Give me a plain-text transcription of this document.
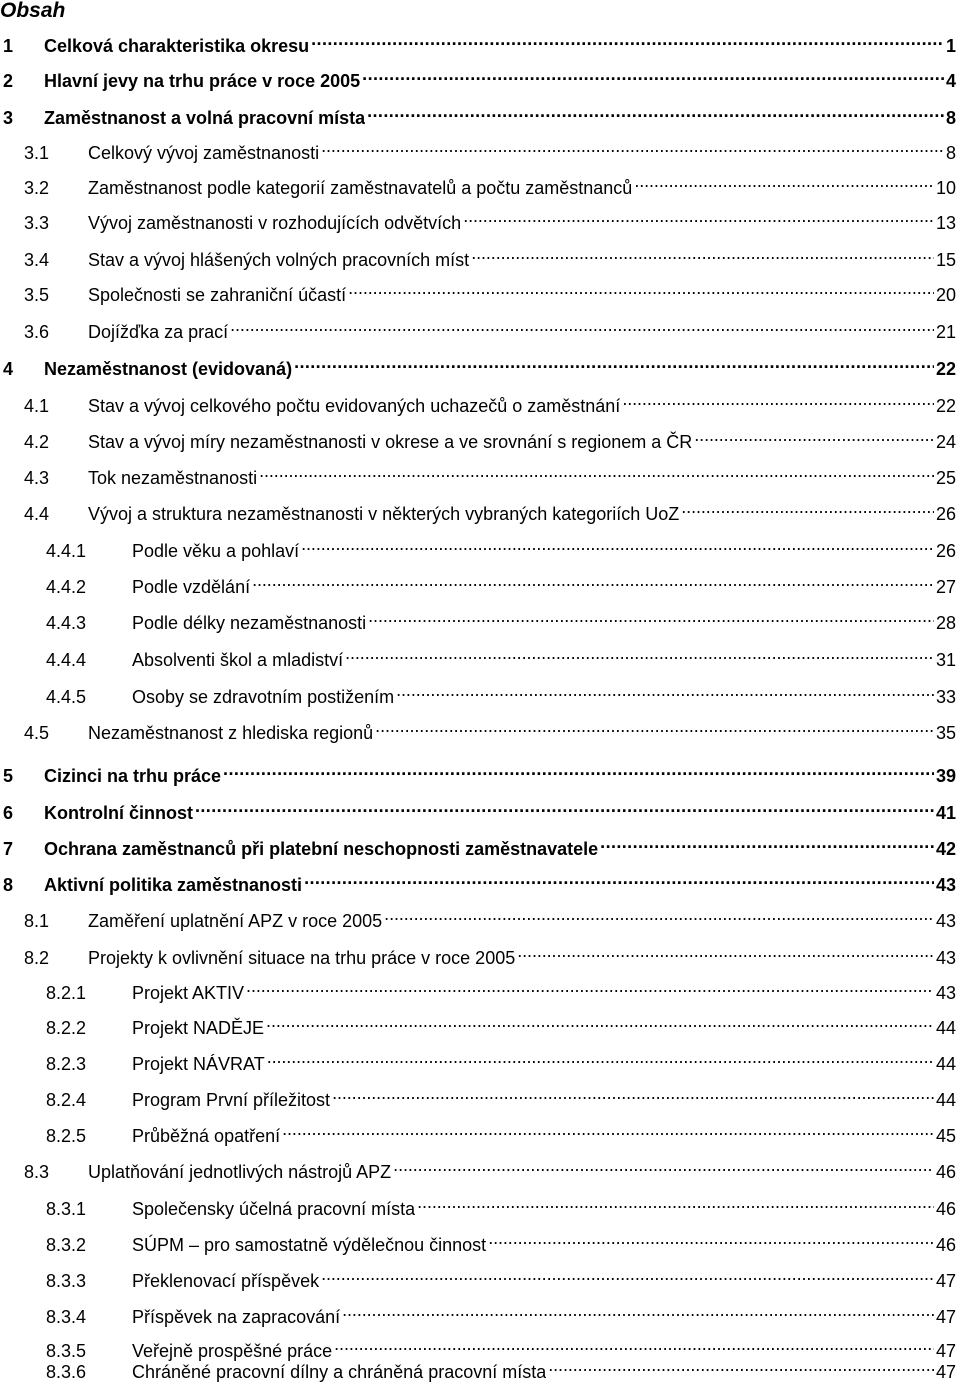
Obsah
1	Celková charakteristika okresu . . .	1
2	Hlavní jevy na trhu práce v roce 2005 . . .	4
3	Zaměstnanost a volná pracovní místa . . .	8
3.1	Celkový vývoj zaměstnanosti . . .	8
3.2	Zaměstnanost podle kategorií zaměstnavatelů a počtu zaměstnanců . . .	10
3.3	Vývoj zaměstnanosti v rozhodujících odvětvích . . .	13
3.4	Stav a vývoj hlášených volných pracovních míst . . .	15
3.5	Společnosti se zahraniční účastí . . .	20
3.6	Dojížďka za prací . . .	21
4	Nezaměstnanost (evidovaná) . . .	22
4.1	Stav a vývoj celkového počtu evidovaných uchazečů o zaměstnání . . .	22
4.2	Stav a vývoj míry nezaměstnanosti v okrese a ve srovnání s regionem a ČR . . .	24
4.3	Tok nezaměstnanosti . . .	25
4.4	Vývoj a struktura nezaměstnanosti v některých vybraných kategoriích UoZ . . .	26
4.4.1	Podle věku a pohlaví . . .	26
4.4.2	Podle vzdělání . . .	27
4.4.3	Podle délky nezaměstnanosti . . .	28
4.4.4	Absolventi škol a mladiství . . .	31
4.4.5	Osoby se zdravotním postižením . . .	33
4.5	Nezaměstnanost z hlediska regionů . . .	35
5	Cizinci na trhu práce . . .	39
6	Kontrolní činnost . . .	41
7	Ochrana zaměstnanců při platební neschopnosti zaměstnavatele . . .	42
8	Aktivní politika zaměstnanosti . . .	43
8.1	Zaměření uplatnění APZ v roce 2005 . . .	43
8.2	Projekty k ovlivnění situace na trhu práce v roce 2005 . . .	43
8.2.1	Projekt AKTIV . . .	43
8.2.2	Projekt NADĚJE . . .	44
8.2.3	Projekt NÁVRAT . . .	44
8.2.4	Program První příležitost . . .	44
8.2.5	Průběžná opatření . . .	45
8.3	Uplatňování jednotlivých nástrojů APZ . . .	46
8.3.1	Společensky účelná pracovní místa . . .	46
8.3.2	SÚPM – pro samostatně výdělečnou činnost . . .	46
8.3.3	Překlenovací příspěvek . . .	47
8.3.4	Příspěvek na zapracování . . .	47
8.3.5	Veřejně prospěšné práce . . .	47
8.3.6	Chráněné pracovní dílny a chráněná pracovní místa . . .	47
